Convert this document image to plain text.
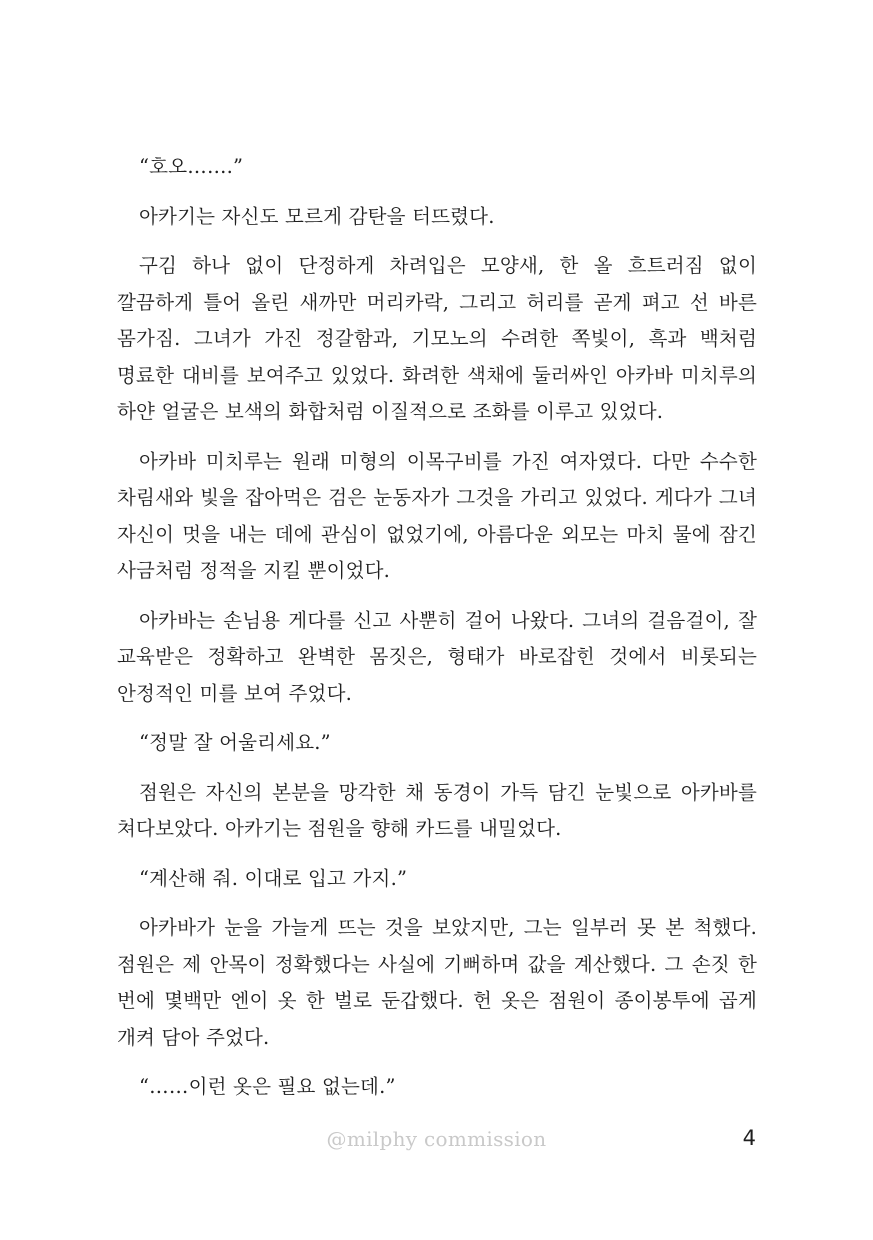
“호오…….”

아카기는 자신도 모르게 감탄을 터뜨렸다.

구김 하나 없이 단정하게 차려입은 모양새, 한 올 흐트러짐 없이 깔끔하게 틀어 올린 새까만 머리카락, 그리고 허리를 곧게 펴고 선 바른 몸가짐. 그녀가 가진 정갈함과, 기모노의 수려한 쪽빛이, 흑과 백처럼 명료한 대비를 보여주고 있었다. 화려한 색채에 둘러싸인 아카바 미치루의 하얀 얼굴은 보색의 화합처럼 이질적으로 조화를 이루고 있었다.

아카바 미치루는 원래 미형의 이목구비를 가진 여자였다. 다만 수수한 차림새와 빛을 잡아먹은 검은 눈동자가 그것을 가리고 있었다. 게다가 그녀 자신이 멋을 내는 데에 관심이 없었기에, 아름다운 외모는 마치 물에 잠긴 사금처럼 정적을 지킬 뿐이었다.

아카바는 손님용 게다를 신고 사뿐히 걸어 나왔다. 그녀의 걸음걸이, 잘 교육받은 정확하고 완벽한 몸짓은, 형태가 바로잡힌 것에서 비롯되는 안정적인 미를 보여 주었다.

“정말 잘 어울리세요.”

점원은 자신의 본분을 망각한 채 동경이 가득 담긴 눈빛으로 아카바를 쳐다보았다. 아카기는 점원을 향해 카드를 내밀었다.

“계산해 줘. 이대로 입고 가지.”

아카바가 눈을 가늘게 뜨는 것을 보았지만, 그는 일부러 못 본 척했다. 점원은 제 안목이 정확했다는 사실에 기뻐하며 값을 계산했다. 그 손짓 한 번에 몇백만 엔이 옷 한 벌로 둔갑했다. 헌 옷은 점원이 종이봉투에 곱게 개켜 담아 주었다.

“……이런 옷은 필요 없는데.”

@milphy commission	4
